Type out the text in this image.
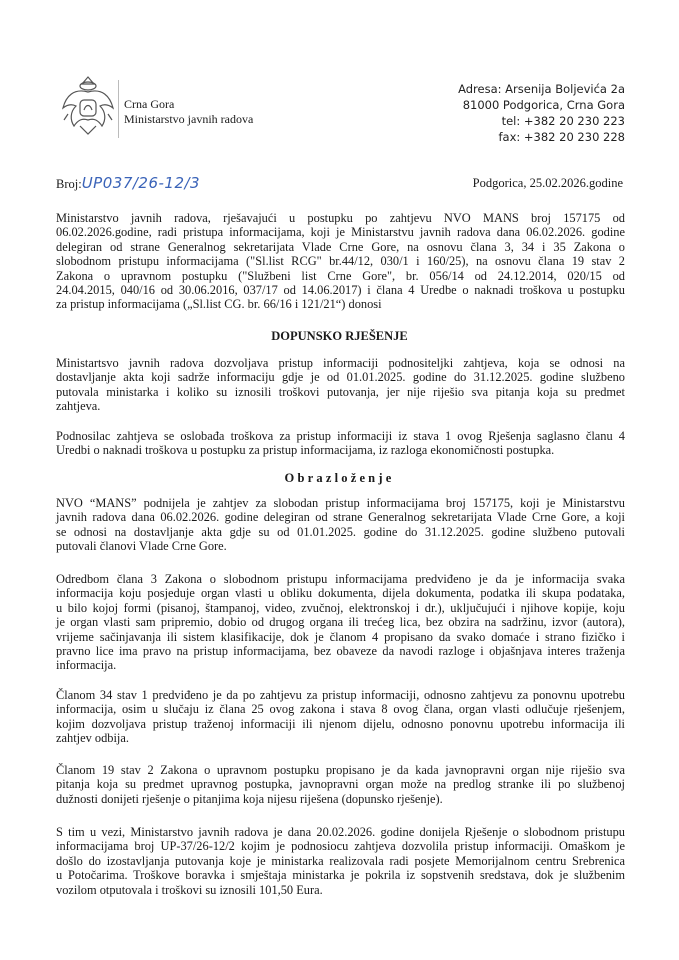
Crna Gora
Ministarstvo javnih radova
Adresa: Arsenija Boljevića 2a
81000 Podgorica, Crna Gora
tel: +382 20 230 223
fax: +382 20 230 228
Broj:UP037/26-12/3	Podgorica, 25.02.2026.godine
Ministarstvo javnih radova, rješavajući u postupku po zahtjevu NVO MANS broj 157175 od
06.02.2026.godine, radi pristupa informacijama, koji je Ministarstvu javnih radova dana 06.02.2026. godine
delegiran od strane Generalnog sekretarijata Vlade Crne Gore, na osnovu člana 3, 34 i 35 Zakona o
slobodnom pristupu informacijama ("Sl.list RCG" br.44/12, 030/1 i 160/25), na osnovu člana 19 stav 2
Zakona o upravnom postupku ("Službeni list Crne Gore", br. 056/14 od 24.12.2014, 020/15 od
24.04.2015, 040/16 od 30.06.2016, 037/17 od 14.06.2017) i člana 4 Uredbe o naknadi troškova u postupku
za pristup informacijama („Sl.list CG. br. 66/16 i 121/21“) donosi
DOPUNSKO RJEŠENJE
Ministartsvo javnih radova dozvoljava pristup informaciji podnositeljki zahtjeva, koja se odnosi na
dostavljanje akta koji sadrže informaciju gdje je od 01.01.2025. godine do 31.12.2025. godine službeno
putovala ministarka i koliko su iznosili troškovi putovanja, jer nije riješio sva pitanja koja su predmet
zahtjeva.
Podnosilac zahtjeva se oslobađa troškova za pristup informaciji iz stava 1 ovog Rješenja saglasno članu 4
Uredbi o naknadi troškova u postupku za pristup informacijama, iz razloga ekonomičnosti postupka.
Obrazloženje
NVO “MANS” podnijela je zahtjev za slobodan pristup informacijama broj 157175, koji je Ministarstvu
javnih radova dana 06.02.2026. godine delegiran od strane Generalnog sekretarijata Vlade Crne Gore, a koji
se odnosi na dostavljanje akta gdje su od 01.01.2025. godine do 31.12.2025. godine službeno putovali
putovali članovi Vlade Crne Gore.
Odredbom člana 3 Zakona o slobodnom pristupu informacijama predviđeno je da je informacija svaka
informacija koju posjeduje organ vlasti u obliku dokumenta, dijela dokumenta, podatka ili skupa podataka,
u bilo kojoj formi (pisanoj, štampanoj, video, zvučnoj, elektronskoj i dr.), uključujući i njihove kopije, koju
je organ vlasti sam pripremio, dobio od drugog organa ili trećeg lica, bez obzira na sadržinu, izvor (autora),
vrijeme sačinjavanja ili sistem klasifikacije, dok je članom 4 propisano da svako domaće i strano fizičko i
pravno lice ima pravo na pristup informacijama, bez obaveze da navodi razloge i objašnjava interes traženja
informacija.
Članom 34 stav 1 predviđeno je da po zahtjevu za pristup informaciji, odnosno zahtjevu za ponovnu upotrebu
informacija, osim u slučaju iz člana 25 ovog zakona i stava 8 ovog člana, organ vlasti odlučuje rješenjem,
kojim dozvoljava pristup traženoj informaciji ili njenom dijelu, odnosno ponovnu upotrebu informacija ili
zahtjev odbija.
Članom 19 stav 2 Zakona o upravnom postupku propisano je da kada javnopravni organ nije riješio sva
pitanja koja su predmet upravnog postupka, javnopravni organ može na predlog stranke ili po službenoj
dužnosti donijeti rješenje o pitanjima koja nijesu riješena (dopunsko rješenje).
S tim u vezi, Ministarstvo javnih radova je dana 20.02.2026. godine donijela Rješenje o slobodnom pristupu
informacijama broj UP-37/26-12/2 kojim je podnosiocu zahtjeva dozvolila pristup informaciji. Omaškom je
došlo do izostavljanja putovanja koje je ministarka realizovala radi posjete Memorijalnom centru Srebrenica
u Potočarima. Troškove boravka i smještaja ministarka je pokrila iz sopstvenih sredstava, dok je službenim
vozilom otputovala i troškovi su iznosili 101,50 Eura.
